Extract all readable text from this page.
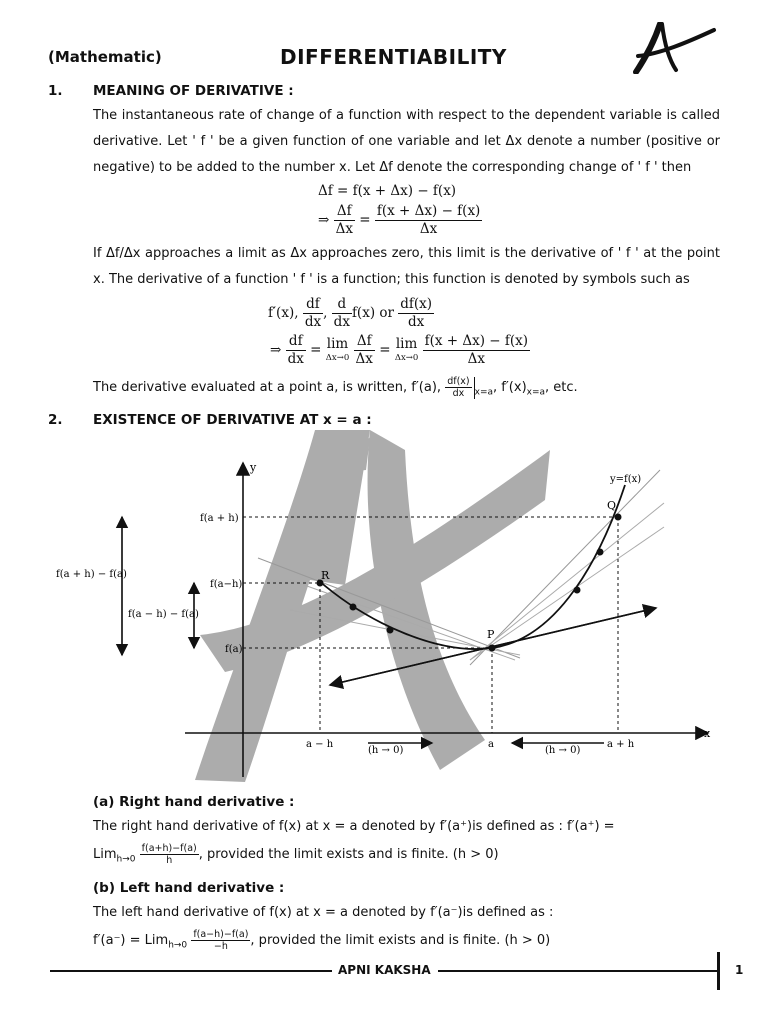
(Mathematic)	DIFFERENTIABILITY
1. MEANING OF DERIVATIVE :
The instantaneous rate of change of a function with respect to the dependent variable is called derivative. Let ' f ' be a given function of one variable and let Δx denote a number (positive or negative) to be added to the number x. Let Δf denote the corresponding change of ' f ' then
Δf = f(x + Δx) − f(x)
⇒ $\frac{\Delta f}{\Delta x} = \frac{f(x + \Delta x) - f(x)}{\Delta x}$
If Δf/Δx approaches a limit as Δx approaches zero, this limit is the derivative of ' f ' at the point x. The derivative of a function ' f ' is a function; this function is denoted by symbols such as
f′(x), $\frac{df}{dx}$ , $\frac{d}{dx} f(x)$ or $\frac{df(x)}{dx}$
⇒ $\frac{df}{dx} = \lim$
Δx→0
$\frac{\Delta f}{\Delta x} = \lim$
Δx→0
$\frac{f(x + \Delta x) - f(x)}{\Delta x}$
The derivative evaluated at a point a, is written, f′(a), $\frac{df(x)}{dx} _{x=a}$, $f'(x)_{x=a}$, etc.
2. EXISTENCE OF DERIVATIVE AT x = a :
y
x
y=f(x)
Q
R
P
f(a + h)
f(a−h)
f(a)
f(a + h) − f(a)
f(a − h) − f(a)
a − h	a	a + h
(h → 0)	(h → 0)
(a) Right hand derivative :
The right hand derivative of f(x) at x = a denoted by f′(a⁺)is defined as : f′(a⁺) =
$Lim_{h\to 0} \frac{f(a+h)-f(a)}{h}$ , provided the limit exists and is finite. (h > 0)
(b) Left hand derivative :
The left hand derivative of f(x) at x = a denoted by f′(a⁻)is defined as :
$f'(a^-) = Lim_{h\to 0} \frac{f(a-h)-f(a)}{-h}$ , provided the limit exists and is finite. (h > 0)
APNI KAKSHA	1
